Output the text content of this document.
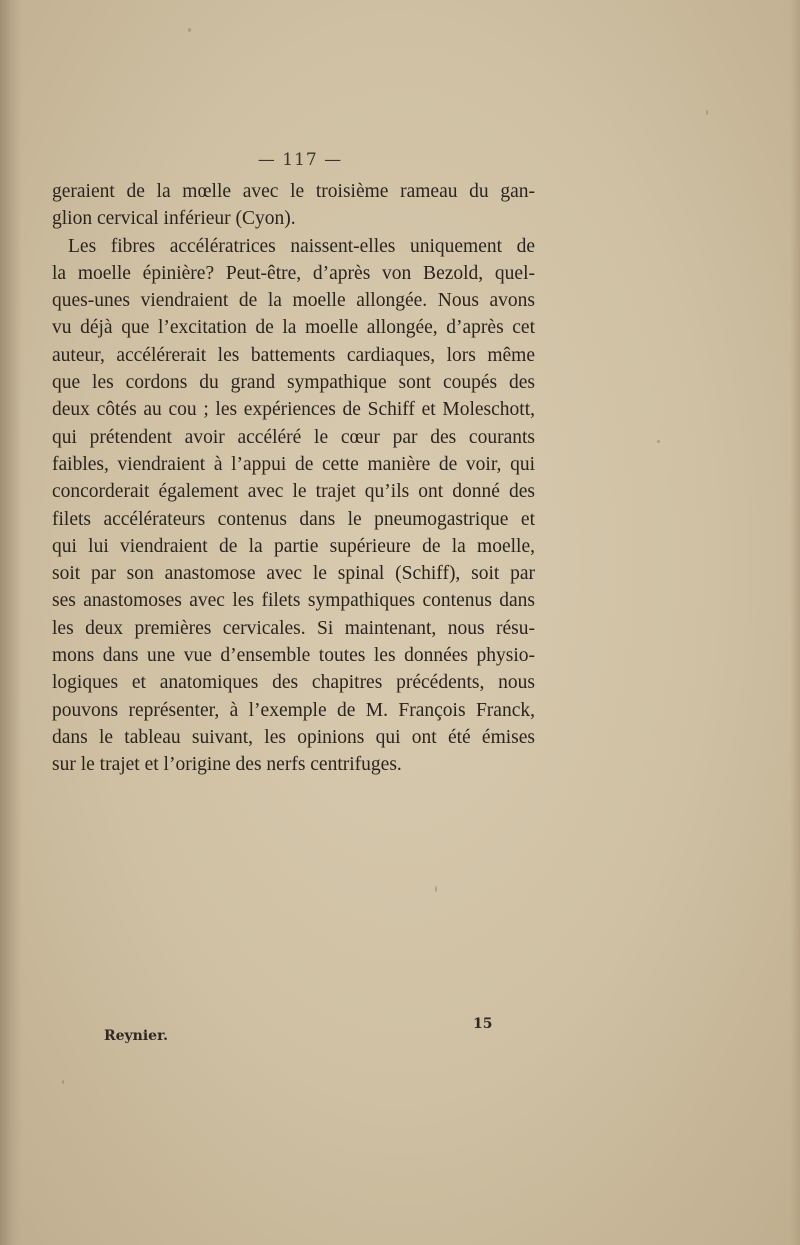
— 117 —
geraient de la mœlle avec le troisième rameau du gan-
glion cervical inférieur (Cyon).
Les fibres accélératrices naissent-elles uniquement de
la moelle épinière? Peut-être, d’après von Bezold, quel-
ques-unes viendraient de la moelle allongée. Nous avons
vu déjà que l’excitation de la moelle allongée, d’après cet
auteur, accélérerait les battements cardiaques, lors même
que les cordons du grand sympathique sont coupés des
deux côtés au cou ; les expériences de Schiff et Moleschott,
qui prétendent avoir accéléré le cœur par des courants
faibles, viendraient à l’appui de cette manière de voir, qui
concorderait également avec le trajet qu’ils ont donné des
filets accélérateurs contenus dans le pneumogastrique et
qui lui viendraient de la partie supérieure de la moelle,
soit par son anastomose avec le spinal (Schiff), soit par
ses anastomoses avec les filets sympathiques contenus dans
les deux premières cervicales. Si maintenant, nous résu-
mons dans une vue d’ensemble toutes les données physio-
logiques et anatomiques des chapitres précédents, nous
pouvons représenter, à l’exemple de M. François Franck,
dans le tableau suivant, les opinions qui ont été émises
sur le trajet et l’origine des nerfs centrifuges.
Reynier.
15
